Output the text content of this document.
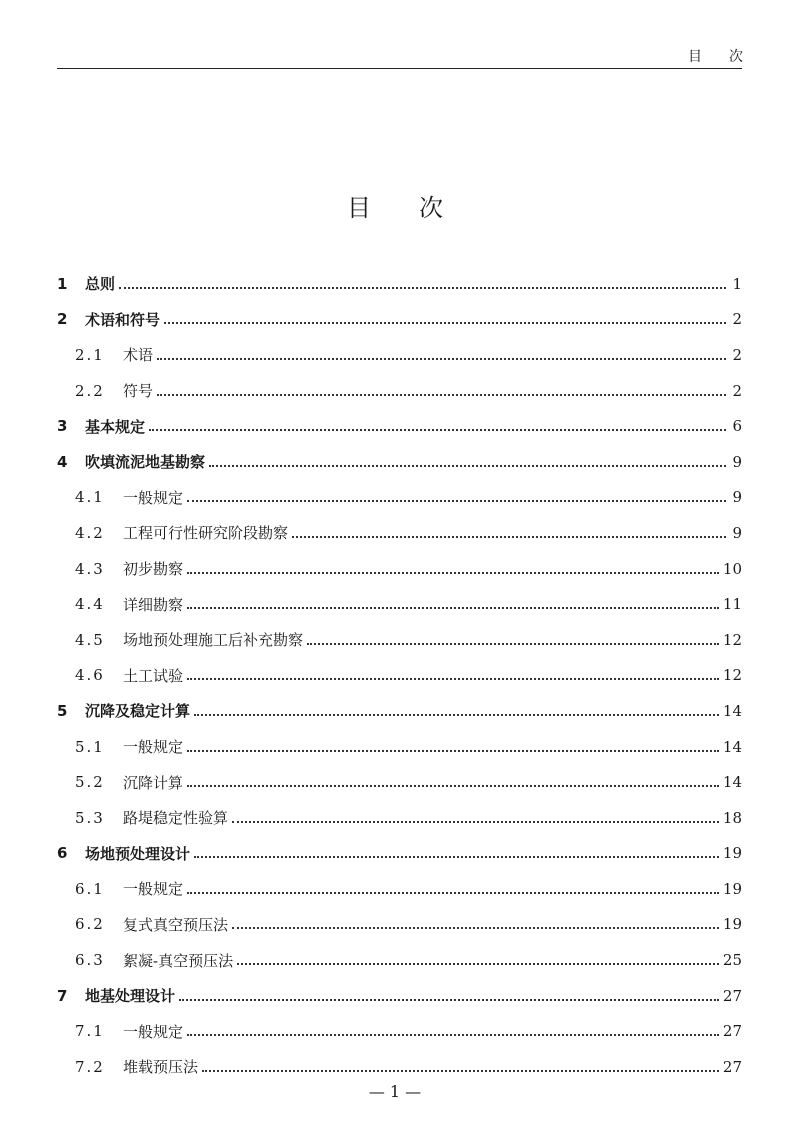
目 次
目 次
1	总则	1
2	术语和符号	2
2.1	术语	2
2.2	符号	2
3	基本规定	6
4	吹填流泥地基勘察	9
4.1	一般规定	9
4.2	工程可行性研究阶段勘察	9
4.3	初步勘察	10
4.4	详细勘察	11
4.5	场地预处理施工后补充勘察	12
4.6	土工试验	12
5	沉降及稳定计算	14
5.1	一般规定	14
5.2	沉降计算	14
5.3	路堤稳定性验算	18
6	场地预处理设计	19
6.1	一般规定	19
6.2	复式真空预压法	19
6.3	絮凝-真空预压法	25
7	地基处理设计	27
7.1	一般规定	27
7.2	堆载预压法	27
— 1 —
